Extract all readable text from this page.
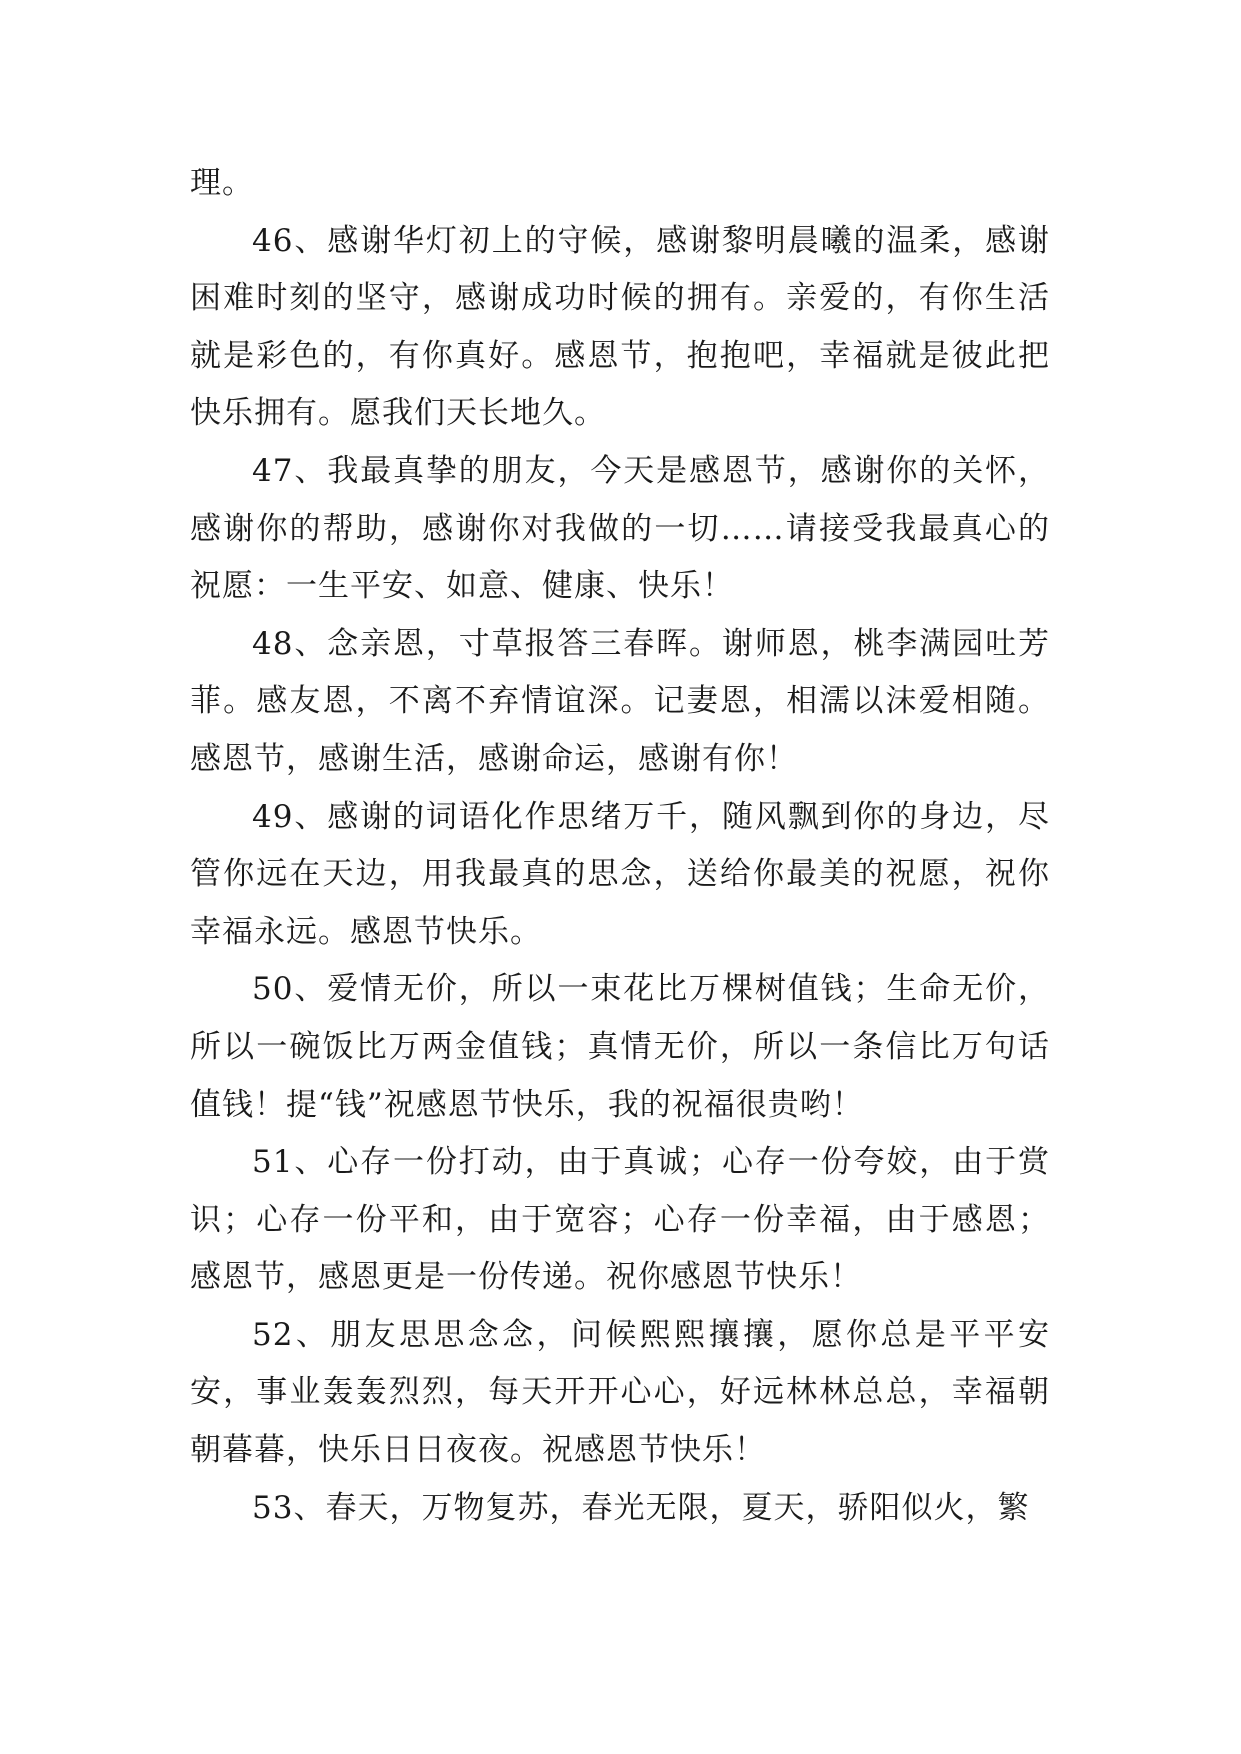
理。

46、感谢华灯初上的守候，感谢黎明晨曦的温柔，感谢困难时刻的坚守，感谢成功时候的拥有。亲爱的，有你生活就是彩色的，有你真好。感恩节，抱抱吧，幸福就是彼此把快乐拥有。愿我们天长地久。

47、我最真挚的朋友，今天是感恩节，感谢你的关怀，感谢你的帮助，感谢你对我做的一切……请接受我最真心的祝愿：一生平安、如意、健康、快乐！

48、念亲恩，寸草报答三春晖。谢师恩，桃李满园吐芳菲。感友恩，不离不弃情谊深。记妻恩，相濡以沫爱相随。感恩节，感谢生活，感谢命运，感谢有你！

49、感谢的词语化作思绪万千，随风飘到你的身边，尽管你远在天边，用我最真的思念，送给你最美的祝愿，祝你幸福永远。感恩节快乐。

50、爱情无价，所以一束花比万棵树值钱；生命无价，所以一碗饭比万两金值钱；真情无价，所以一条信比万句话值钱！提“钱”祝感恩节快乐，我的祝福很贵哟！

51、心存一份打动，由于真诚；心存一份夸姣，由于赏识；心存一份平和，由于宽容；心存一份幸福，由于感恩；感恩节，感恩更是一份传递。祝你感恩节快乐！

52、朋友思思念念，问候熙熙攘攘，愿你总是平平安安，事业轰轰烈烈，每天开开心心，好远林林总总，幸福朝朝暮暮，快乐日日夜夜。祝感恩节快乐！

53、春天，万物复苏，春光无限，夏天，骄阳似火，繁
